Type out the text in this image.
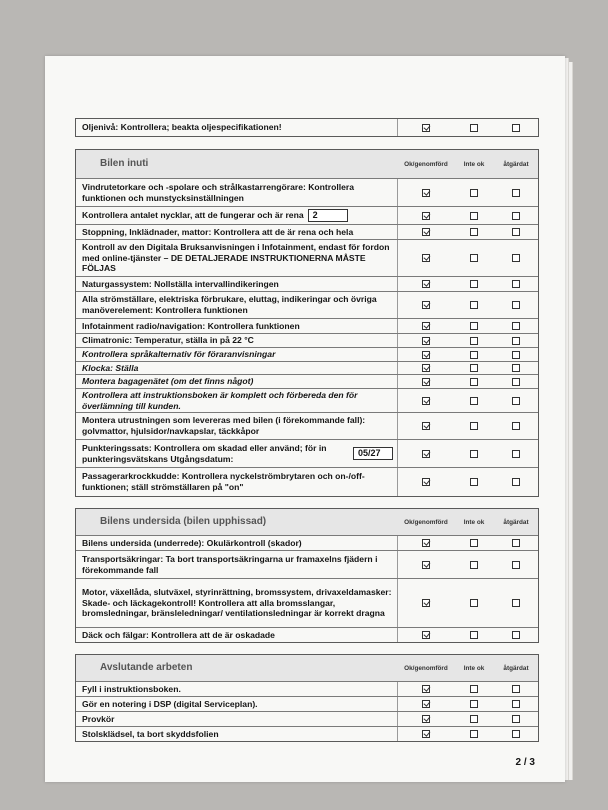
Oljenivå: Kontrollera; beakta oljespecifikationen!
Bilen inuti	Ok/genomförd	Inte ok	åtgärdat
Vindrutetorkare och -spolare och strålkastarrengörare: Kontrollera funktionen och munstycksinställningen
Kontrollera antalet nycklar, att de fungerar och är rena	2
Stoppning, Inklädnader, mattor: Kontrollera att de är rena och hela
Kontroll av den Digitala Bruksanvisningen i Infotainment, endast för fordon med online-tjänster – DE DETALJERADE INSTRUKTIONERNA MÅSTE FÖLJAS
Naturgassystem: Nollställa intervallindikeringen
Alla strömställare, elektriska förbrukare, eluttag, indikeringar och övriga manöverelement: Kontrollera funktionen
Infotainment radio/navigation: Kontrollera funktionen
Climatronic: Temperatur, ställa in på 22 °C
Kontrollera språkalternativ för föraranvisningar
Klocka: Ställa
Montera bagagenätet (om det finns något)
Kontrollera att instruktionsboken är komplett och förbereda den för överlämning till kunden.
Montera utrustningen som levereras med bilen (i förekommande fall): golvmattor, hjulsidor/navkapslar, täckkåpor
Punkteringssats: Kontrollera om skadad eller använd; för in punkteringsvätskans Utgångsdatum:
05/27
Passagerarkrockkudde: Kontrollera nyckelströmbrytaren och on-/off-funktionen; ställ strömställaren på "on"
Bilens undersida (bilen upphissad)	Ok/genomförd	Inte ok	åtgärdat
Bilens undersida (underrede): Okulärkontroll (skador)
Transportsäkringar: Ta bort transportsäkringarna ur framaxelns fjädern i förekommande fall
Motor, växellåda, slutväxel, styrinrättning, bromssystem, drivaxeldamasker: Skade- och läckagekontroll! Kontrollera att alla bromsslangar, bromsledningar, bränsleledningar/ ventilationsledningar är korrekt dragna
Däck och fälgar: Kontrollera att de är oskadade
Avslutande arbeten	Ok/genomförd	Inte ok	åtgärdat
Fyll i instruktionsboken.
Gör en notering i DSP (digital Serviceplan).
Provkör
Stolsklädsel, ta bort skyddsfolien
2 / 3
